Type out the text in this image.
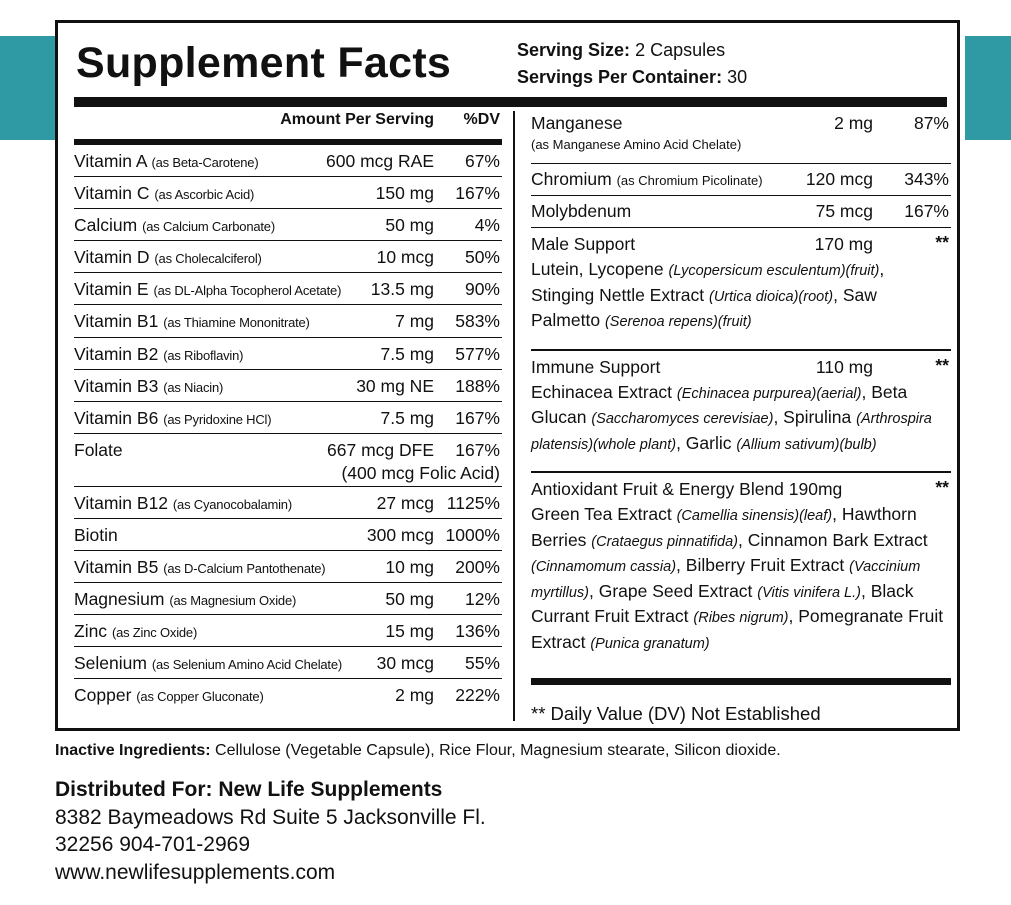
Supplement Facts	Serving Size: 2 Capsules
Servings Per Container: 30
Amount Per Serving %DV
Vitamin A (as Beta-Carotene)	600 mcg RAE 67%
Vitamin C (as Ascorbic Acid)	150 mg 167%
Calcium (as Calcium Carbonate)	50 mg 4%
Vitamin D (as Cholecalciferol)	10 mcg 50%
Vitamin E (as DL-Alpha Tocopherol Acetate) 13.5 mg 90%
Vitamin B1 (as Thiamine Mononitrate)	7 mg 583%
Vitamin B2 (as Riboflavin)	7.5 mg 577%
Vitamin B3 (as Niacin)	30 mg NE 188%
Vitamin B6 (as Pyridoxine HCl)	7.5 mg 167%
Folate	667 mcg DFE 167%
(400 mcg Folic Acid)
Vitamin B12 (as Cyanocobalamin)	27 mcg 1125%
Biotin	300 mcg 1000%
Vitamin B5 (as D-Calcium Pantothenate)	10 mg 200%
Magnesium (as Magnesium Oxide)	50 mg 12%
Zinc (as Zinc Oxide)	15 mg 136%
Selenium (as Selenium Amino Acid Chelate) 30 mcg 55%
Copper (as Copper Gluconate)	2 mg 222%
Manganese	2 mg 87%
(as Manganese Amino Acid Chelate)
Chromium (as Chromium Picolinate) 120 mcg 343%
Molybdenum	75 mcg 167%
Male Support	170 mg	**
Lutein, Lycopene (Lycopersicum esculentum)(fruit), Stinging Nettle Extract (Urtica dioica)(root), Saw Palmetto (Serenoa repens)(fruit)
Immune Support	110 mg	**
Echinacea Extract (Echinacea purpurea)(aerial), Beta Glucan (Saccharomyces cerevisiae), Spirulina (Arthrospira platensis)(whole plant), Garlic (Allium sativum)(bulb)
Antioxidant Fruit & Energy Blend 190mg	**
Green Tea Extract (Camellia sinensis)(leaf), Hawthorn Berries (Crataegus pinnatifida), Cinnamon Bark Extract (Cinnamomum cassia), Bilberry Fruit Extract (Vaccinium myrtillus), Grape Seed Extract (Vitis vinifera L.), Black Currant Fruit Extract (Ribes nigrum), Pomegranate Fruit Extract (Punica granatum)
** Daily Value (DV) Not Established
Inactive Ingredients: Cellulose (Vegetable Capsule), Rice Flour, Magnesium stearate, Silicon dioxide.
Distributed For: New Life Supplements
8382 Baymeadows Rd Suite 5 Jacksonville Fl.
32256 904-701-2969
www.newlifesupplements.com
